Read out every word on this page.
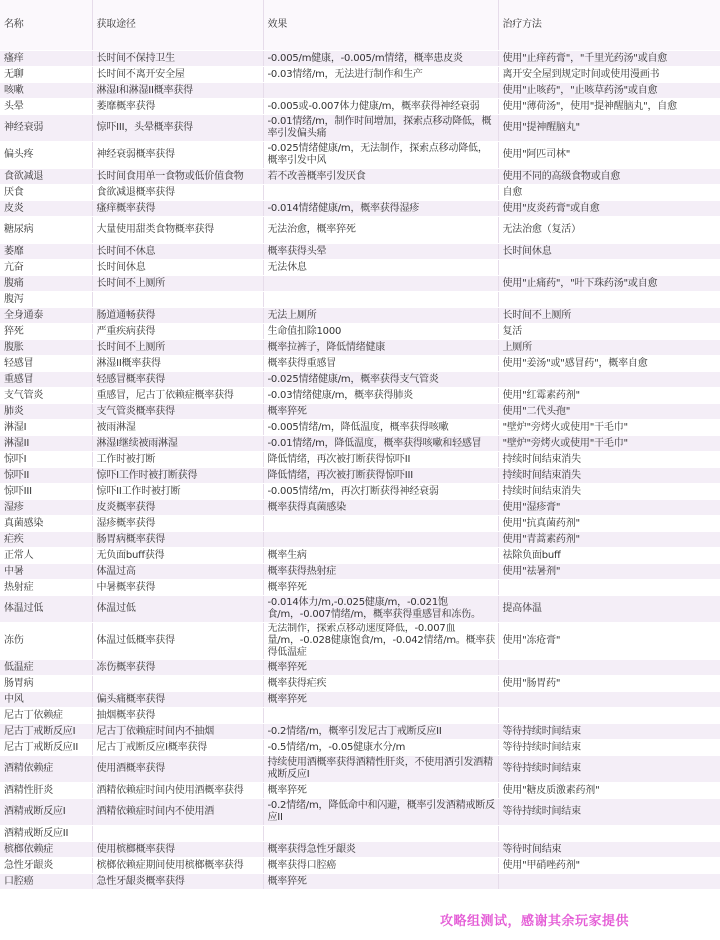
名称	获取途径	效果	治疗方法
瘙痒	长时间不保持卫生	-0.005/m健康，-0.005/m情绪，概率患皮炎	使用"止痒药膏"，"千里光药汤"或自愈
无聊	长时间不离开安全屋	-0.03情绪/m，无法进行制作和生产	离开安全屋到规定时间或使用漫画书
咳嗽	淋湿I和淋湿II概率获得		使用"止咳药"，"止咳草药汤"或自愈
头晕	萎靡概率获得	-0.005或-0.007体力健康/m，概率获得神经衰弱	使用"薄荷汤"，使用"提神醒脑丸"，自愈
神经衰弱	惊吓III，头晕概率获得	-0.01情绪/m，制作时间增加，探索点移动降低，概率引发偏头痛	使用"提神醒脑丸"
偏头疼	神经衰弱概率获得	-0.025情绪健康/m，无法制作，探索点移动降低，概率引发中风	使用"阿匹司林"
食欲减退	长时间食用单一食物或低价值食物	若不改善概率引发厌食	使用不同的高级食物或自愈
厌食	食欲减退概率获得		自愈
皮炎	瘙痒概率获得	-0.014情绪健康/m，概率获得湿疹	使用"皮炎药膏"或自愈
糖尿病	大量使用甜类食物概率获得	无法治愈，概率猝死	无法治愈（复活）
萎靡	长时间不休息	概率获得头晕	长时间休息
亢奋	长时间休息	无法休息	
腹痛	长时间不上厕所		使用"止痛药"，"叶下珠药汤"或自愈
腹泻			
全身通泰	肠道通畅获得	无法上厕所	长时间不上厕所
猝死	严重疾病获得	生命值扣除1000	复活
腹胀	长时间不上厕所	概率拉裤子，降低情绪健康	上厕所
轻感冒	淋湿II概率获得	概率获得重感冒	使用"姜汤"或"感冒药"，概率自愈
重感冒	轻感冒概率获得	-0.025情绪健康/m，概率获得支气管炎	
支气管炎	重感冒，尼古丁依赖症概率获得	-0.03情绪健康/m，概率获得肺炎	使用"红霉素药剂"
肺炎	支气管炎概率获得	概率猝死	使用"二代头孢"
淋湿I	被雨淋湿	-0.005情绪/m，降低温度，概率获得咳嗽	"壁炉"旁烤火或使用"干毛巾"
淋湿II	淋湿I继续被雨淋湿	-0.01情绪/m，降低温度，概率获得咳嗽和轻感冒	"壁炉"旁烤火或使用"干毛巾"
惊吓I	工作时被打断	降低情绪，再次被打断获得惊吓II	持续时间结束消失
惊吓II	惊吓I工作时被打断获得	降低情绪，再次被打断获得惊吓III	持续时间结束消失
惊吓III	惊吓II工作时被打断	-0.005情绪/m，再次打断获得神经衰弱	持续时间结束消失
湿疹	皮炎概率获得	概率获得真菌感染	使用"湿疹膏"
真菌感染	湿疹概率获得		使用"抗真菌药剂"
疟疾	肠胃病概率获得		使用"青蒿素药剂"
正常人	无负面buff获得	概率生病	祛除负面buff
中暑	体温过高	概率获得热射症	使用"祛暑剂"
热射症	中暑概率获得	概率猝死	
体温过低	体温过低	-0.014体力/m,-0.025健康/m，-0.021饱食/m，-0.007情绪/m，概率获得重感冒和冻伤。	提高体温
冻伤	体温过低概率获得	无法制作，探索点移动速度降低，-0.007血量/m，-0.028健康饱食/m，-0.042情绪/m。概率获得低温症	使用"冻疮膏"
低温症	冻伤概率获得	概率猝死	
肠胃病		概率获得疟疾	使用"肠胃药"
中风	偏头痛概率获得	概率猝死	
尼古丁依赖症	抽烟概率获得		
尼古丁戒断反应I	尼古丁依赖症时间内不抽烟	-0.2情绪/m，概率引发尼古丁戒断反应II	等待持续时间结束
尼古丁戒断反应II	尼古丁戒断反应I概率获得	-0.5情绪/m，-0.05健康水分/m	等待持续时间结束
酒精依赖症	使用酒概率获得	持续使用酒概率获得酒精性肝炎，不使用酒引发酒精戒断反应I	等待持续时间结束
酒精性肝炎	酒精依赖症时间内使用酒概率获得	概率猝死	使用"糖皮质激素药剂"
酒精戒断反应I	酒精依赖症时间内不使用酒	-0.2情绪/m，降低命中和闪避，概率引发酒精戒断反应II	等待持续时间结束
酒精戒断反应II			
槟榔依赖症	使用槟榔概率获得	概率获得急性牙龈炎	等待时间结束
急性牙龈炎	槟榔依赖症期间使用槟榔概率获得	概率获得口腔癌	使用"甲硝唑药剂"
口腔癌	急性牙龈炎概率获得	概率猝死	
攻略组测试，感谢其余玩家提供
